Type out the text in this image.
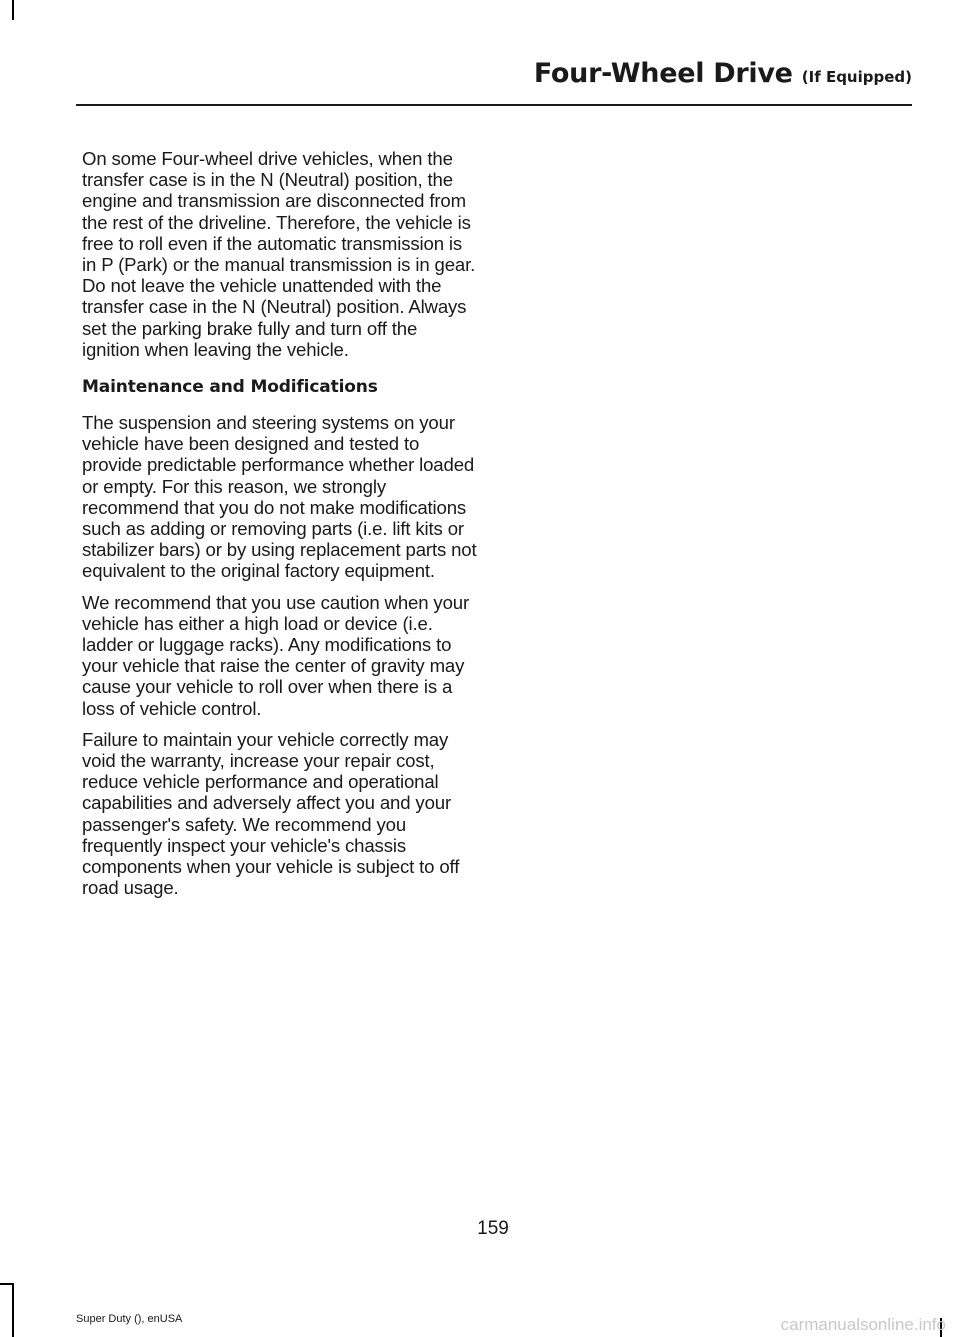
Four-Wheel Drive (If Equipped)

On some Four-wheel drive vehicles, when the transfer case is in the N (Neutral) position, the engine and transmission are disconnected from the rest of the driveline. Therefore, the vehicle is free to roll even if the automatic transmission is in P (Park) or the manual transmission is in gear. Do not leave the vehicle unattended with the transfer case in the N (Neutral) position. Always set the parking brake fully and turn off the ignition when leaving the vehicle.

Maintenance and Modifications

The suspension and steering systems on your vehicle have been designed and tested to provide predictable performance whether loaded or empty. For this reason, we strongly recommend that you do not make modifications such as adding or removing parts (i.e. lift kits or stabilizer bars) or by using replacement parts not equivalent to the original factory equipment.

We recommend that you use caution when your vehicle has either a high load or device (i.e. ladder or luggage racks). Any modifications to your vehicle that raise the center of gravity may cause your vehicle to roll over when there is a loss of vehicle control.

Failure to maintain your vehicle correctly may void the warranty, increase your repair cost, reduce vehicle performance and operational capabilities and adversely affect you and your passenger's safety. We recommend you frequently inspect your vehicle's chassis components when your vehicle is subject to off road usage.

159
Super Duty (), enUSA	carmanualsonline.info
